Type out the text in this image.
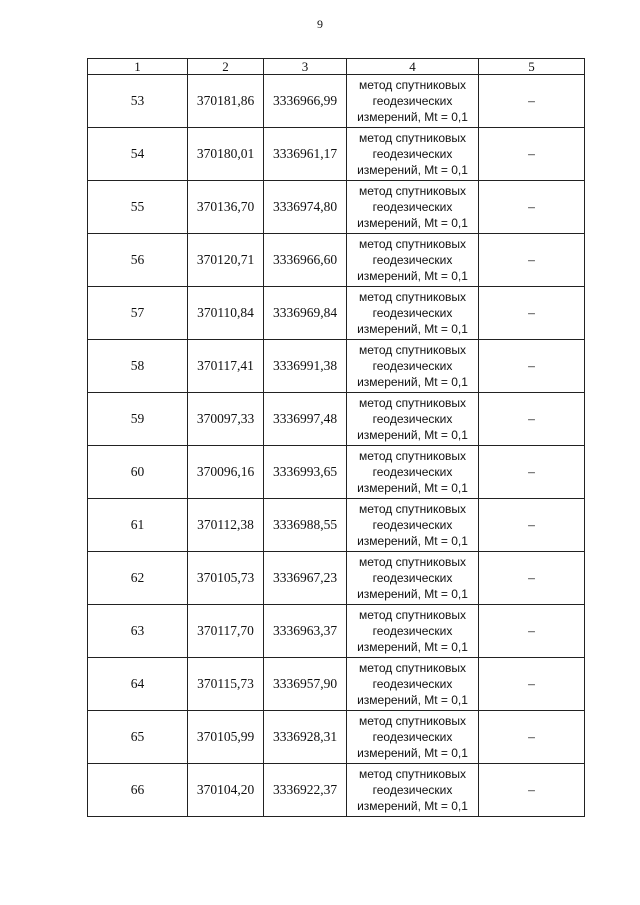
9
1	2	3	4	5
53	370181,86	3336966,99	метод спутниковых
геодезических
измерений, Mt = 0,1	–
54	370180,01	3336961,17	метод спутниковых
геодезических
измерений, Mt = 0,1	–
55	370136,70	3336974,80	метод спутниковых
геодезических
измерений, Mt = 0,1	–
56	370120,71	3336966,60	метод спутниковых
геодезических
измерений, Mt = 0,1	–
57	370110,84	3336969,84	метод спутниковых
геодезических
измерений, Mt = 0,1	–
58	370117,41	3336991,38	метод спутниковых
геодезических
измерений, Mt = 0,1	–
59	370097,33	3336997,48	метод спутниковых
геодезических
измерений, Mt = 0,1	–
60	370096,16	3336993,65	метод спутниковых
геодезических
измерений, Mt = 0,1	–
61	370112,38	3336988,55	метод спутниковых
геодезических
измерений, Mt = 0,1	–
62	370105,73	3336967,23	метод спутниковых
геодезических
измерений, Mt = 0,1	–
63	370117,70	3336963,37	метод спутниковых
геодезических
измерений, Mt = 0,1	–
64	370115,73	3336957,90	метод спутниковых
геодезических
измерений, Mt = 0,1	–
65	370105,99	3336928,31	метод спутниковых
геодезических
измерений, Mt = 0,1	–
66	370104,20	3336922,37	метод спутниковых
геодезических
измерений, Mt = 0,1	–
